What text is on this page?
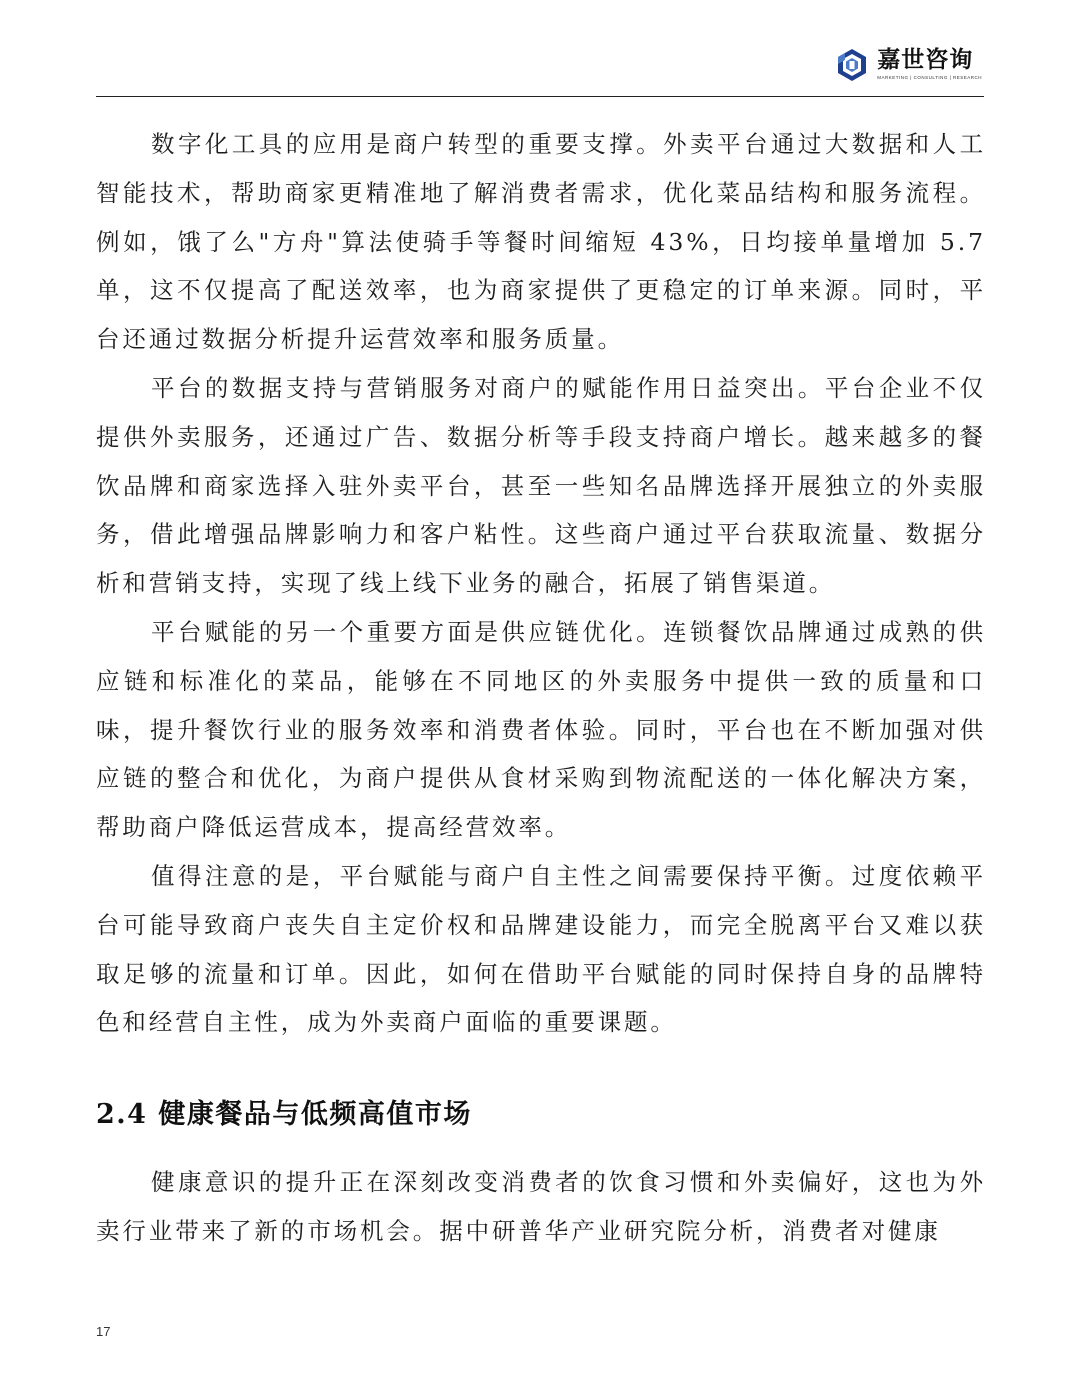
嘉世咨询
MARKETING | CONSULTING | RESEARCH

数字化工具的应用是商户转型的重要支撑。外卖平台通过大数据和人工智能技术，帮助商家更精准地了解消费者需求，优化菜品结构和服务流程。例如，饿了么"方舟"算法使骑手等餐时间缩短 43%，日均接单量增加 5.7 单，这不仅提高了配送效率，也为商家提供了更稳定的订单来源。同时，平台还通过数据分析提升运营效率和服务质量。

平台的数据支持与营销服务对商户的赋能作用日益突出。平台企业不仅提供外卖服务，还通过广告、数据分析等手段支持商户增长。越来越多的餐饮品牌和商家选择入驻外卖平台，甚至一些知名品牌选择开展独立的外卖服务，借此增强品牌影响力和客户粘性。这些商户通过平台获取流量、数据分析和营销支持，实现了线上线下业务的融合，拓展了销售渠道。

平台赋能的另一个重要方面是供应链优化。连锁餐饮品牌通过成熟的供应链和标准化的菜品，能够在不同地区的外卖服务中提供一致的质量和口味，提升餐饮行业的服务效率和消费者体验。同时，平台也在不断加强对供应链的整合和优化，为商户提供从食材采购到物流配送的一体化解决方案，帮助商户降低运营成本，提高经营效率。

值得注意的是，平台赋能与商户自主性之间需要保持平衡。过度依赖平台可能导致商户丧失自主定价权和品牌建设能力，而完全脱离平台又难以获取足够的流量和订单。因此，如何在借助平台赋能的同时保持自身的品牌特色和经营自主性，成为外卖商户面临的重要课题。

2.4 健康餐品与低频高值市场

健康意识的提升正在深刻改变消费者的饮食习惯和外卖偏好，这也为外卖行业带来了新的市场机会。据中研普华产业研究院分析，消费者对健康

17
